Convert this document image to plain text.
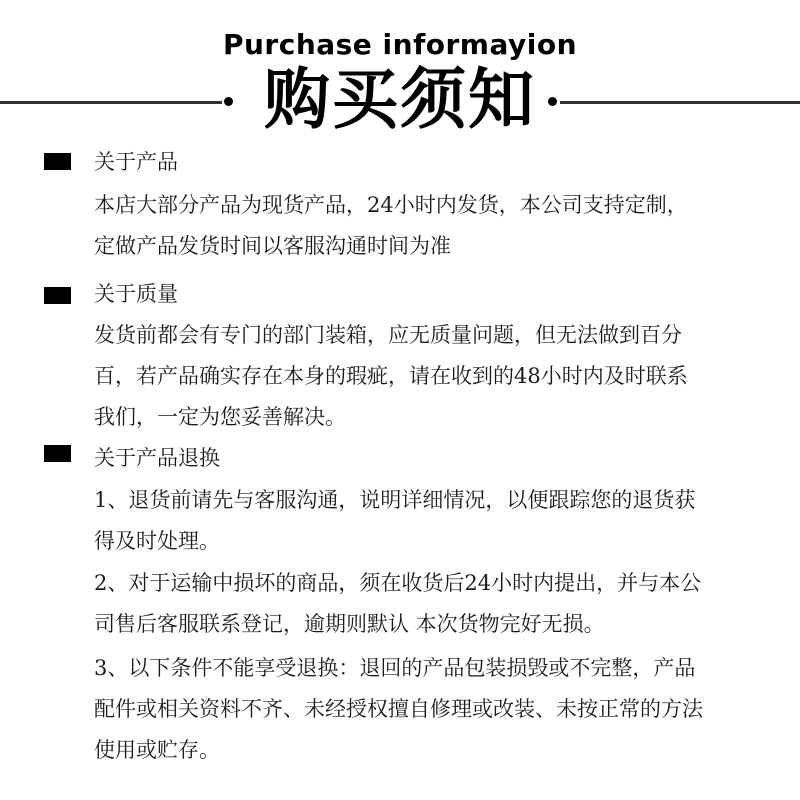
Purchase informayion
购买须知
关于产品

本店大部分产品为现货产品，24小时内发货，本公司支持定制，
定做产品发货时间以客服沟通时间为准

关于质量

发货前都会有专门的部门装箱，应无质量问题，但无法做到百分
百，若产品确实存在本身的瑕疵，请在收到的48小时内及时联系
我们，一定为您妥善解决。

关于产品退换

1、退货前请先与客服沟通，说明详细情况，以便跟踪您的退货获
得及时处理。

2、对于运输中损坏的商品，须在收货后24小时内提出，并与本公
司售后客服联系登记，逾期则默认 本次货物完好无损。

3、以下条件不能享受退换：退回的产品包装损毁或不完整，产品
配件或相关资料不齐、未经授权擅自修理或改装、未按正常的方法
使用或贮存。
